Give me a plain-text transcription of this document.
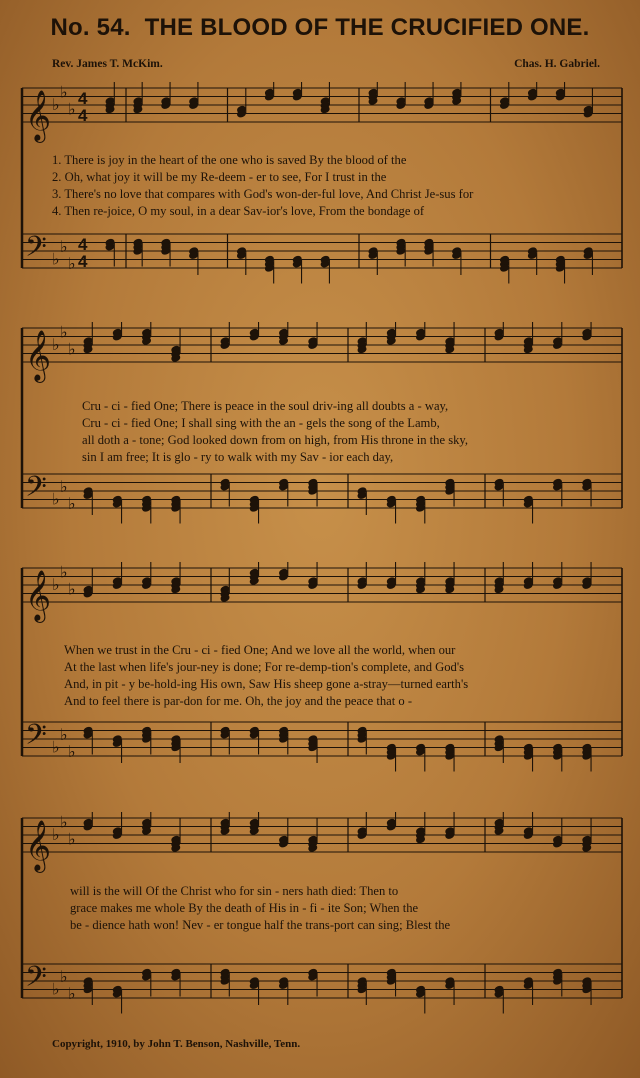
No. 54. THE BLOOD OF THE CRUCIFIED ONE.
Rev. James T. McKim.	Chas. H. Gabriel.
𝄞 ♭
♭
♭
4
4
𝄢 ♭
♭
♭
4
4
1. There is joy in the heart of the one who is saved By the blood of the
2. Oh, what joy it will be my Re-deem - er to see, For I trust in the
3. There's no love that compares with God's won-der-ful love, And Christ Je-sus for
4. Then re-joice, O my soul, in a dear Sav-ior's love, From the bondage of
𝄞 ♭
♭
♭
𝄢 ♭
♭
♭
Cru - ci - fied One; There is peace in the soul driv-ing all doubts a - way,
Cru - ci - fied One; I shall sing with the an - gels the song of the Lamb,
all doth a - tone; God looked down from on high, from His throne in the sky,
sin I am free; It is glo - ry to walk with my Sav - ior each day,
𝄞 ♭
♭
♭
𝄢 ♭
♭
♭
When we trust in the Cru - ci - fied One; And we love all the world, when our
At the last when life's jour-ney is done; For re-demp-tion's complete, and God's
And, in pit - y be-hold-ing His own, Saw His sheep gone a-stray—turned earth's
And to feel there is par-don for me. Oh, the joy and the peace that o -
𝄞 ♭
♭
♭
𝄢 ♭
♭
♭
will is the will Of the Christ who for sin - ners hath died: Then to
grace makes me whole By the death of His in - fi - ite Son; When the
be - dience hath won! Nev - er tongue half the trans-port can sing; Blest the
Copyright, 1910, by John T. Benson, Nashville, Tenn.
